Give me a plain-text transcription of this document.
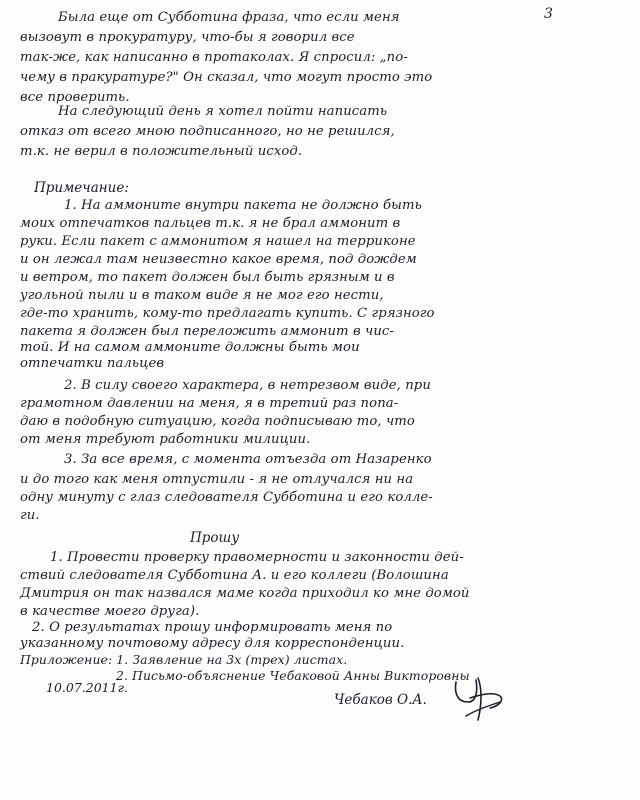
3
Была еще от Субботина фраза, что если меня
вызовут в прокуратуру, что-бы я говорил все
так-же, как написанно в протаколах. Я спросил: „по-
чему в пракуратуре?" Он сказал, что могут просто это
все проверить.
На следующий день я хотел пойти написать
отказ от всего мною подписанного, но не решился,
т.к. не верил в положительный исход.
Примечание:
1. На аммоните внутри пакета не должно быть
моих отпечатков пальцев т.к. я не брал аммонит в
руки. Если пакет с аммонитом я нашел на терриконе
и он лежал там неизвестно какое время, под дождем
и ветром, то пакет должен был быть грязным и в
угольной пыли и в таком виде я не мог его нести,
где-то хранить, кому-то предлагать купить. С грязного
пакета я должен был переложить аммонит в чис-
той. И на самом аммоните должны быть мои
отпечатки пальцев
2. В силу своего характера, в нетрезвом виде, при
грамотном давлении на меня, я в третий раз попа-
даю в подобную ситуацию, когда подписываю то, что
от меня требуют работники милиции.
3. За все время, с момента отъезда от Назаренко
и до того как меня отпустили - я не отлучался ни на
одну минуту с глаз следователя Субботина и его колле-
ги.
Прошу
1. Провести проверку правомерности и законности дей-
ствий следователя Субботина А. и его коллеги (Волошина
Дмитрия он так назвался маме когда приходил ко мне домой
в качестве моего друга).
2. О результатах прошу информировать меня по
указанному почтовому адресу для корреспонденции.
Приложение: 1. Заявление на 3х (трех) листах.
2. Письмо-объяснение Чебаковой Анны Викторовны
10.07.2011г.
Чебаков О.А.
